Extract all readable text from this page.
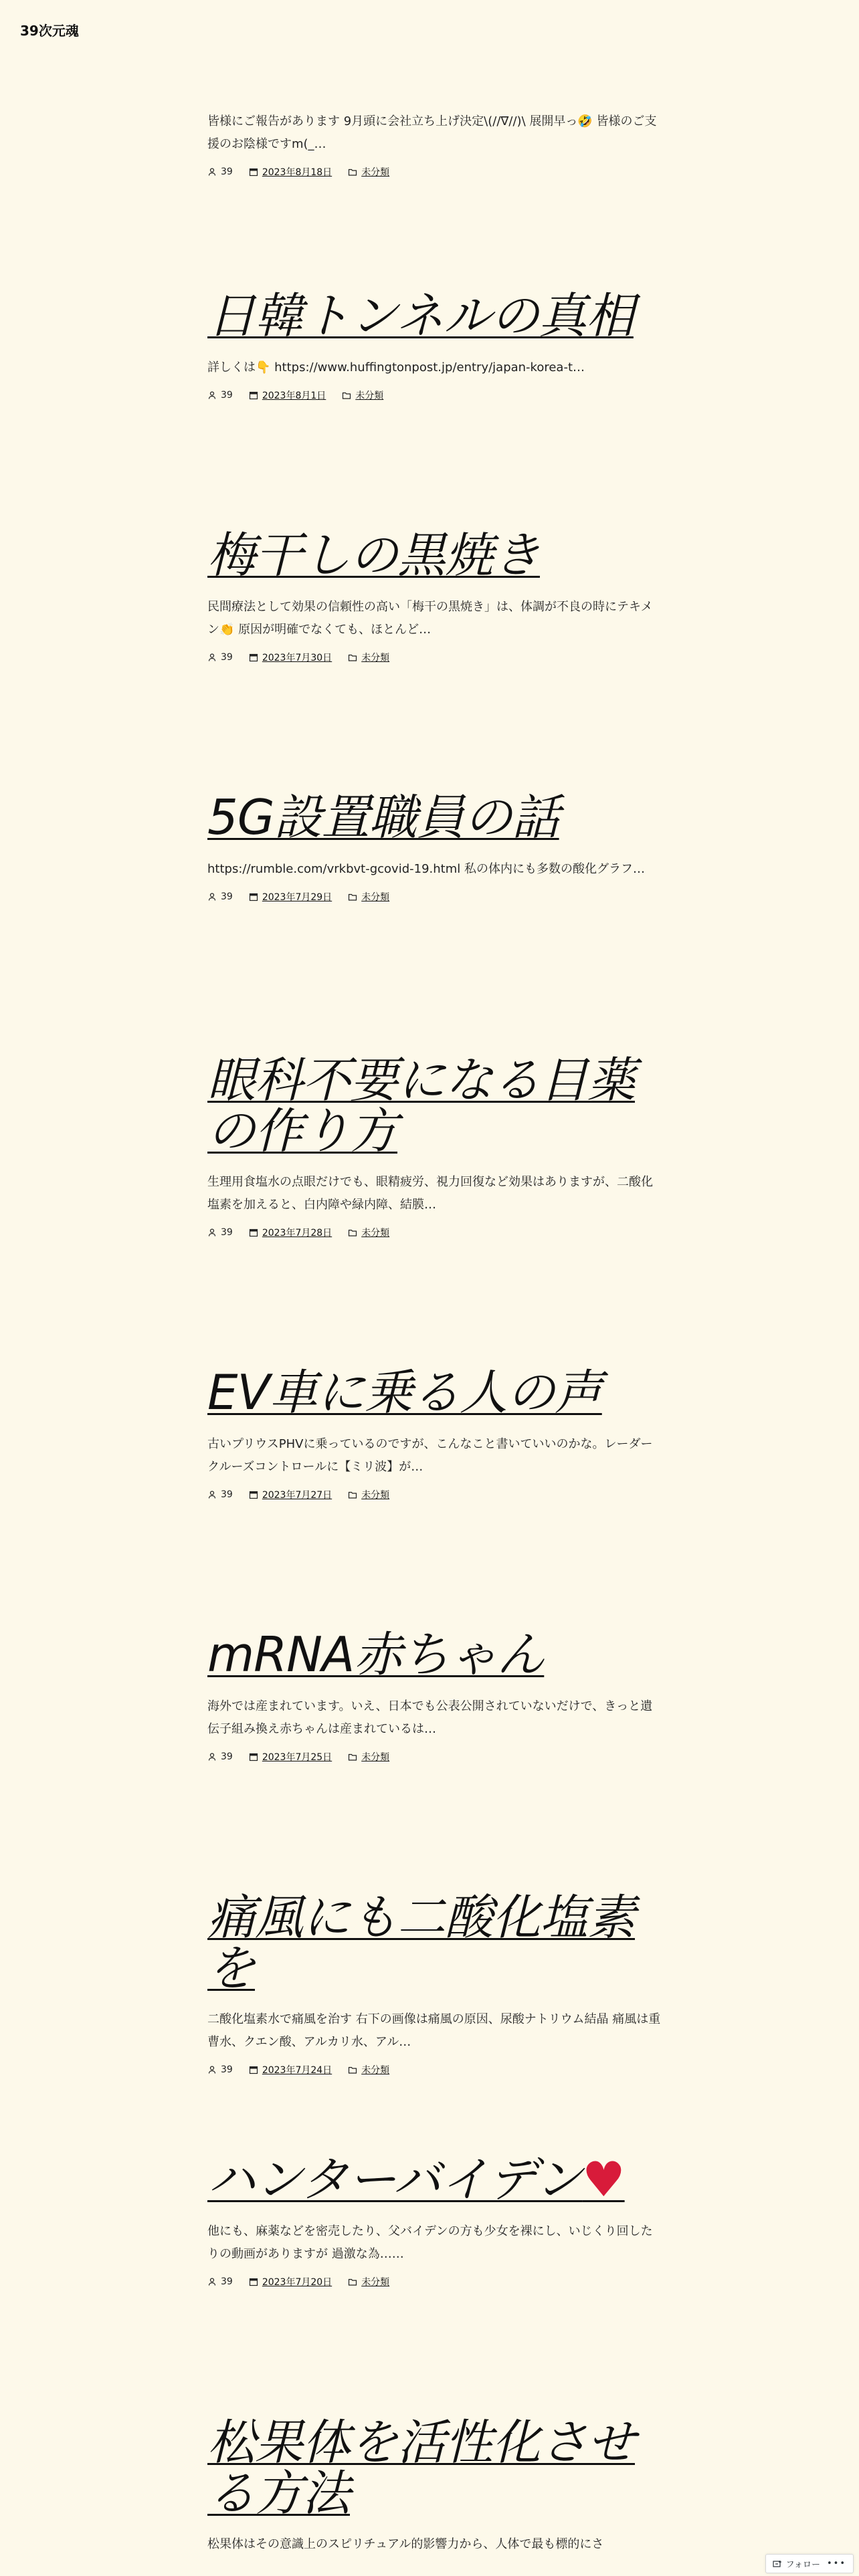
39次元魂

皆様にご報告があります 9月頭に会社立ち上げ決定\(//∇//)\ 展開早っ🤣 皆様のご支援のお陰様ですm(_…

39	2023年8月18日	未分類
日韓トンネルの真相

詳しくは👇 https://www.huffingtonpost.jp/entry/japan-korea-t…

39	2023年8月1日	未分類
梅干しの黒焼き

民間療法として効果の信頼性の高い「梅干の黒焼き」は、体調が不良の時にテキメン👏 原因が明確でなくても、ほとんど…

39	2023年7月30日	未分類
5G設置職員の話

https://rumble.com/vrkbvt-gcovid-19.html 私の体内にも多数の酸化グラフ…

39	2023年7月29日	未分類
眼科不要になる目薬の作り方

生理用食塩水の点眼だけでも、眼精疲労、視力回復など効果はありますが、二酸化塩素を加えると、白内障や緑内障、結膜…

39	2023年7月28日	未分類
EV車に乗る人の声

古いプリウスPHVに乗っているのですが、こんなこと書いていいのかな。レーダークルーズコントロールに【ミリ波】が…

39	2023年7月27日	未分類
mRNA赤ちゃん

海外では産まれています。いえ、日本でも公表公開されていないだけで、きっと遺伝子組み換え赤ちゃんは産まれているは…

39	2023年7月25日	未分類
痛風にも二酸化塩素を

二酸化塩素水で痛風を治す 右下の画像は痛風の原因、尿酸ナトリウム結晶 痛風は重曹水、クエン酸、アルカリ水、アル…

39	2023年7月24日	未分類
ハンターバイデン♥

他にも、麻薬などを密売したり、父バイデンの方も少女を裸にし、いじくり回したりの動画がありますが 過激な為……

39	2023年7月20日	未分類
松果体を活性化させる方法

松果体はその意識上のスピリチュアル的影響力から、人体で最も標的にさ

フォロー •••
